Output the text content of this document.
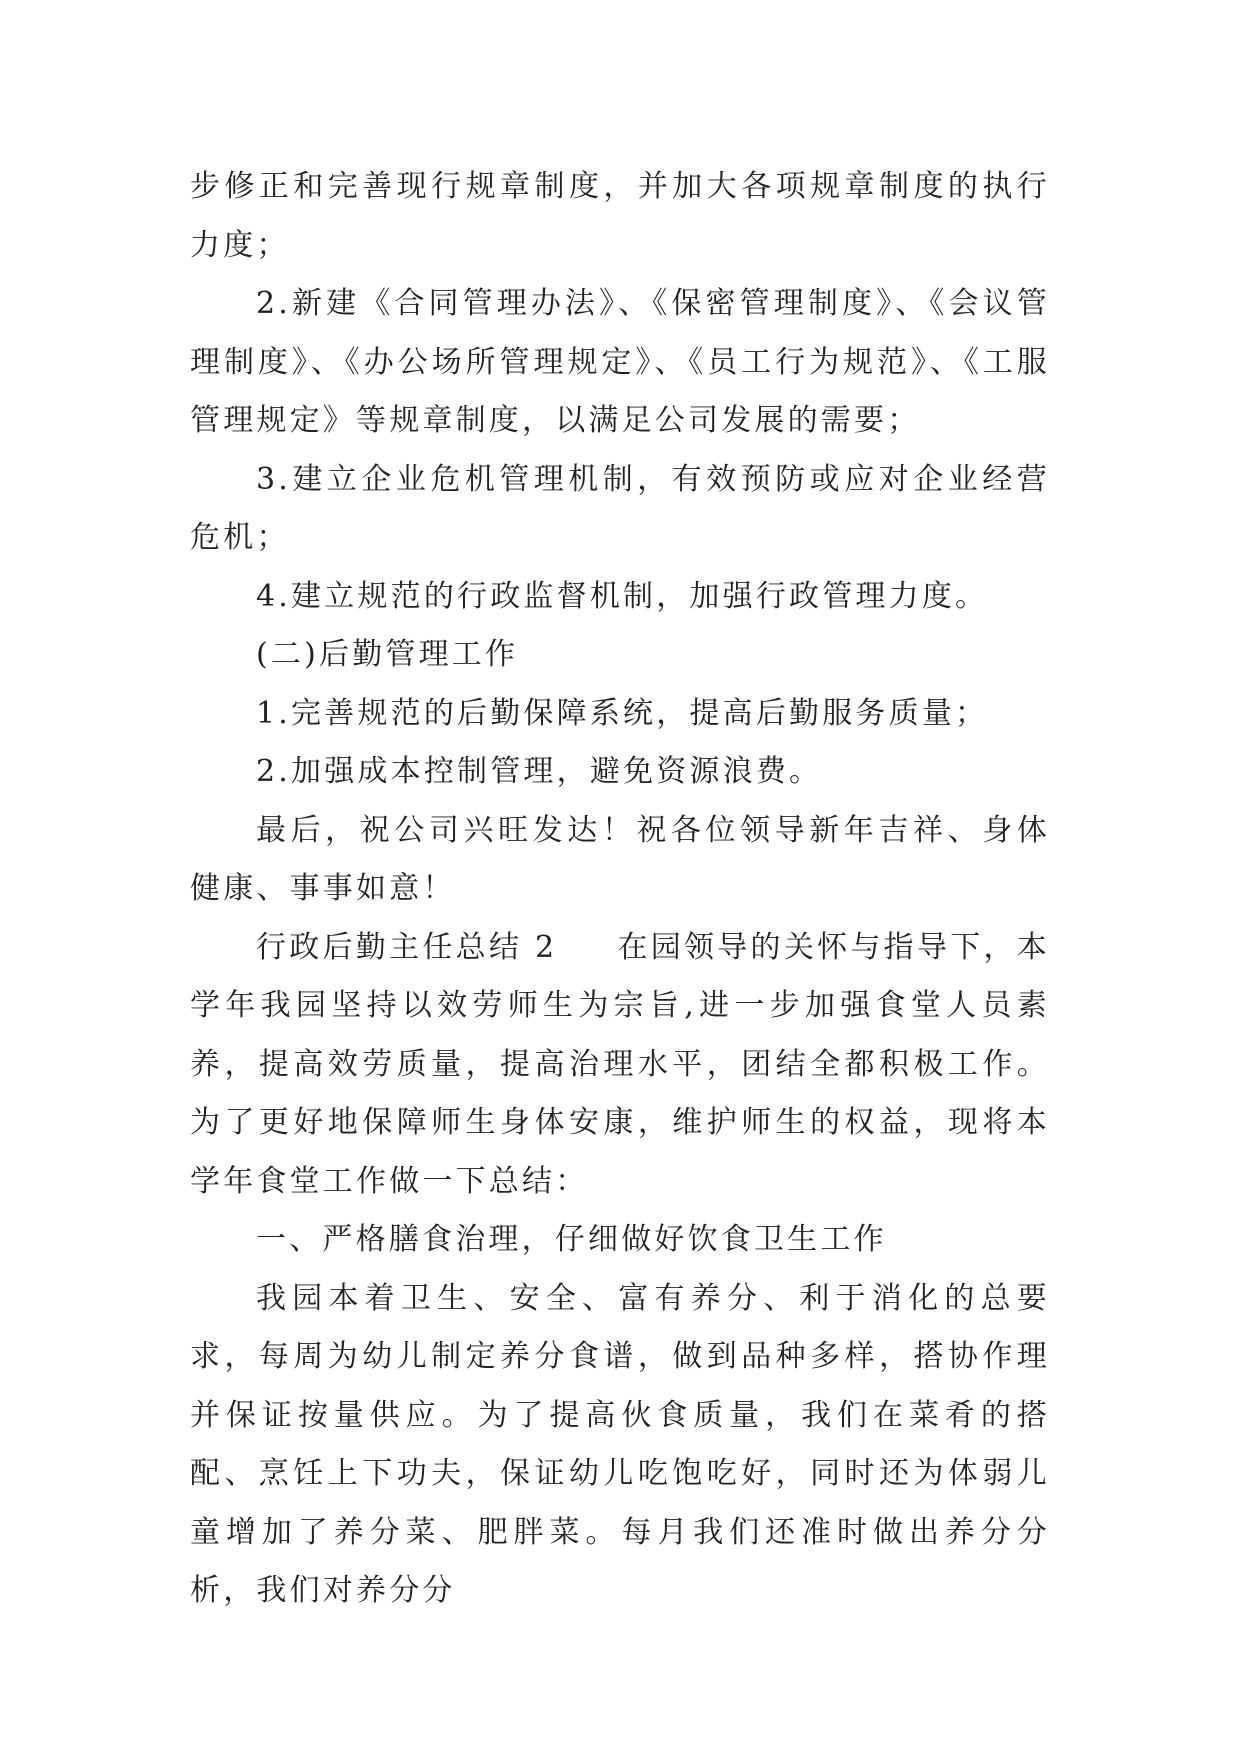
步修正和完善现行规章制度，并加大各项规章制度的执行力度；

2.新建《合同管理办法》、《保密管理制度》、《会议管理制度》、《办公场所管理规定》、《员工行为规范》、《工服管理规定》等规章制度，以满足公司发展的需要；

3.建立企业危机管理机制，有效预防或应对企业经营危机；

4.建立规范的行政监督机制，加强行政管理力度。

(二)后勤管理工作

1.完善规范的后勤保障系统，提高后勤服务质量；

2.加强成本控制管理，避免资源浪费。

最后，祝公司兴旺发达！祝各位领导新年吉祥、身体健康、事事如意！

行政后勤主任总结 2 在园领导的关怀与指导下，本学年我园坚持以效劳师生为宗旨,进一步加强食堂人员素养，提高效劳质量，提高治理水平，团结全都积极工作。为了更好地保障师生身体安康，维护师生的权益，现将本学年食堂工作做一下总结：

一、严格膳食治理，仔细做好饮食卫生工作

我园本着卫生、安全、富有养分、利于消化的总要求，每周为幼儿制定养分食谱，做到品种多样，搭协作理并保证按量供应。为了提高伙食质量，我们在菜肴的搭配、烹饪上下功夫，保证幼儿吃饱吃好，同时还为体弱儿童增加了养分菜、肥胖菜。每月我们还准时做出养分分析，我们对养分分
